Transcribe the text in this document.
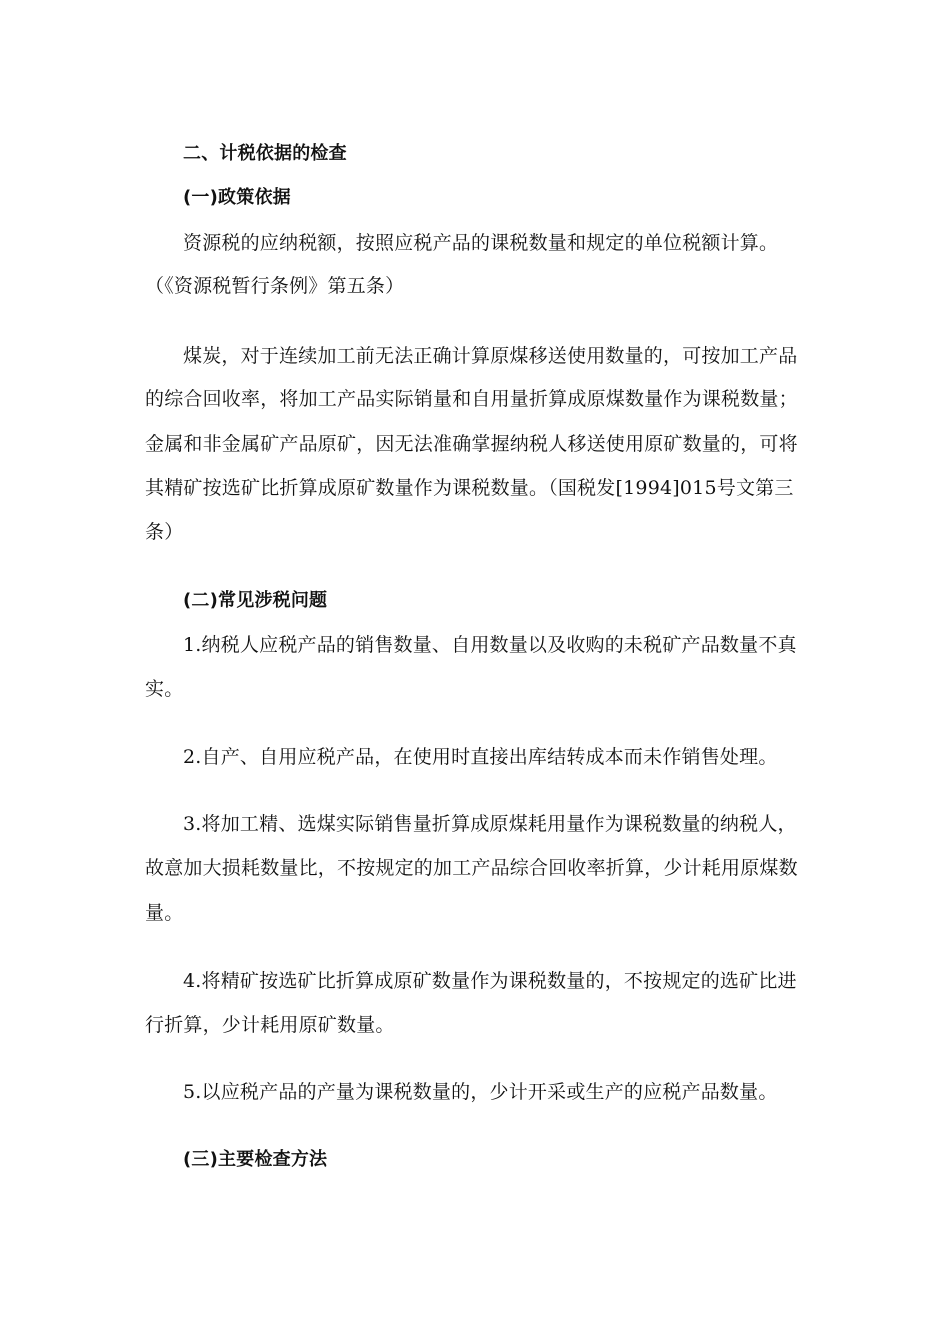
二、计税依据的检查
(一)政策依据
资源税的应纳税额，按照应税产品的课税数量和规定的单位税额计算。
（《资源税暂行条例》第五条）
煤炭，对于连续加工前无法正确计算原煤移送使用数量的，可按加工产品
的综合回收率，将加工产品实际销量和自用量折算成原煤数量作为课税数量；
金属和非金属矿产品原矿，因无法准确掌握纳税人移送使用原矿数量的，可将
其精矿按选矿比折算成原矿数量作为课税数量。（国税发[1994]015号文第三
条）
(二)常见涉税问题
1.纳税人应税产品的销售数量、自用数量以及收购的未税矿产品数量不真
实。
2.自产、自用应税产品，在使用时直接出库结转成本而未作销售处理。
3.将加工精、选煤实际销售量折算成原煤耗用量作为课税数量的纳税人，
故意加大损耗数量比，不按规定的加工产品综合回收率折算，少计耗用原煤数
量。
4.将精矿按选矿比折算成原矿数量作为课税数量的，不按规定的选矿比进
行折算，少计耗用原矿数量。
5.以应税产品的产量为课税数量的，少计开采或生产的应税产品数量。
(三)主要检查方法
